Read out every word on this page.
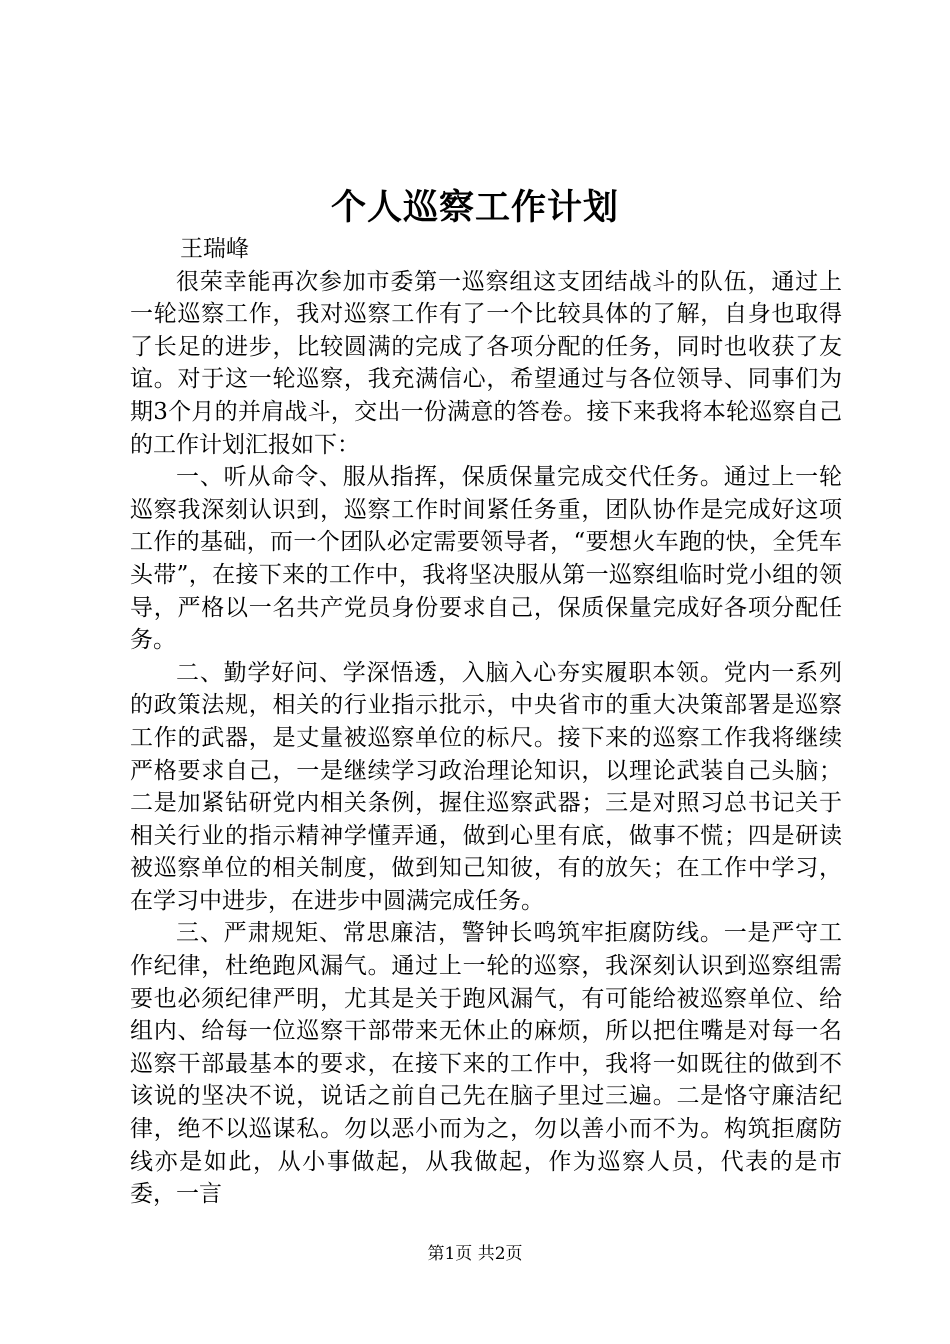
个人巡察工作计划
王瑞峰

很荣幸能再次参加市委第一巡察组这支团结战斗的队伍，通过上一轮巡察工作，我对巡察工作有了一个比较具体的了解，自身也取得了长足的进步，比较圆满的完成了各项分配的任务，同时也收获了友谊。对于这一轮巡察，我充满信心，希望通过与各位领导、同事们为期3个月的并肩战斗，交出一份满意的答卷。接下来我将本轮巡察自己的工作计划汇报如下：

一、听从命令、服从指挥，保质保量完成交代任务。通过上一轮巡察我深刻认识到，巡察工作时间紧任务重，团队协作是完成好这项工作的基础，而一个团队必定需要领导者，“要想火车跑的快，全凭车头带”，在接下来的工作中，我将坚决服从第一巡察组临时党小组的领导，严格以一名共产党员身份要求自己，保质保量完成好各项分配任务。

二、勤学好问、学深悟透，入脑入心夯实履职本领。党内一系列的政策法规，相关的行业指示批示，中央省市的重大决策部署是巡察工作的武器，是丈量被巡察单位的标尺。接下来的巡察工作我将继续严格要求自己，一是继续学习政治理论知识，以理论武装自己头脑；二是加紧钻研党内相关条例，握住巡察武器；三是对照习总书记关于相关行业的指示精神学懂弄通，做到心里有底，做事不慌；四是研读被巡察单位的相关制度，做到知己知彼，有的放矢；在工作中学习，在学习中进步，在进步中圆满完成任务。

三、严肃规矩、常思廉洁，警钟长鸣筑牢拒腐防线。一是严守工作纪律，杜绝跑风漏气。通过上一轮的巡察，我深刻认识到巡察组需要也必须纪律严明，尤其是关于跑风漏气，有可能给被巡察单位、给组内、给每一位巡察干部带来无休止的麻烦，所以把住嘴是对每一名巡察干部最基本的要求，在接下来的工作中，我将一如既往的做到不该说的坚决不说，说话之前自己先在脑子里过三遍。二是恪守廉洁纪律，绝不以巡谋私。勿以恶小而为之，勿以善小而不为。构筑拒腐防线亦是如此，从小事做起，从我做起，作为巡察人员，代表的是市委，一言

第1页 共2页
